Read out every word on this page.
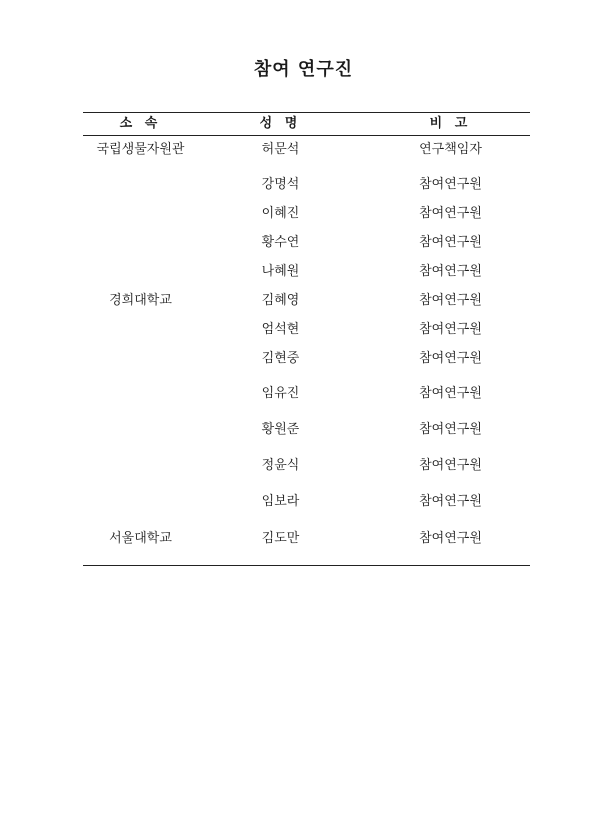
참여 연구진
소 속	성 명	비 고
국립생물자원관	허문석	연구책임자
강명석	참여연구원
이혜진	참여연구원
황수연	참여연구원
나혜원	참여연구원
경희대학교	김혜영	참여연구원
엄석현	참여연구원
김현중	참여연구원
임유진	참여연구원
황원준	참여연구원
정윤식	참여연구원
임보라	참여연구원
서울대학교	김도만	참여연구원
